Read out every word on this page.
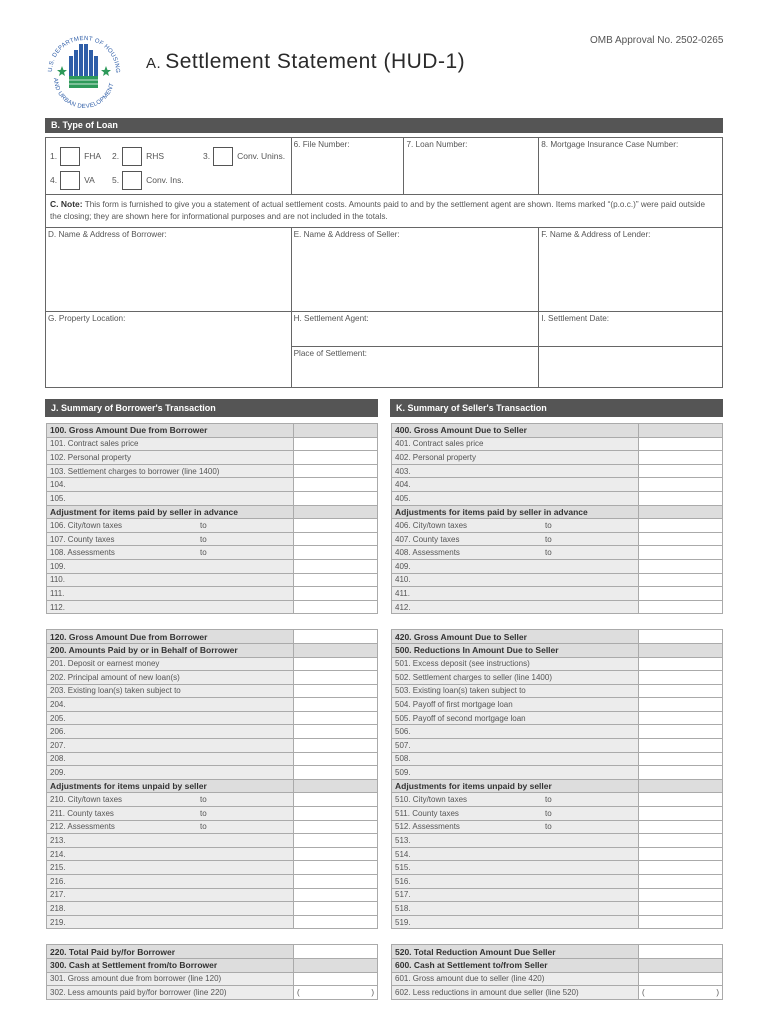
U.S. DEPARTMENT OF HOUSING
AND URBAN DEVELOPMENT
A. Settlement Statement (HUD-1)
OMB Approval No. 2502-0265
B. Type of Loan
1. FHA 2. RHS 3. Conv. Unins.
4. VA 5. Conv. Ins.	6. File Number:	7. Loan Number:	8. Mortgage Insurance Case Number:
C. Note: This form is furnished to give you a statement of actual settlement costs. Amounts paid to and by the settlement agent are shown. Items marked “(p.o.c.)” were paid outside the closing; they are shown here for informational purposes and are not included in the totals.			
D. Name & Address of Borrower:	E. Name & Address of Seller:		F. Name & Address of Lender:
G. Property Location:	H. Settlement Agent:		I. Settlement Date:
	Place of Settlement:		
J. Summary of Borrower's Transaction	K. Summary of Seller's Transaction
100. Gross Amount Due from Borrower	
101. Contract sales price	
102. Personal property	
103. Settlement charges to borrower (line 1400)	
104.	
105.	
Adjustment for items paid by seller in advance	
106. City/town taxes to	
107. County taxes to	
108. Assessments to	
109.	
110.	
111.	
112.	

120. Gross Amount Due from Borrower	
200. Amounts Paid by or in Behalf of Borrower	
201. Deposit or earnest money	
202. Principal amount of new loan(s)	
203. Existing loan(s) taken subject to	
204.	
205.	
206.	
207.	
208.	
209.	
Adjustments for items unpaid by seller	
210. City/town taxes to	
211. County taxes to	
212. Assessments to	
213.	
214.	
215.	
216.	
217.	
218.	
219.	

220. Total Paid by/for Borrower	
300. Cash at Settlement from/to Borrower	
301. Gross amount due from borrower (line 120)	
302. Less amounts paid by/for borrower (line 220)	( )
400. Gross Amount Due to Seller	
401. Contract sales price	
402. Personal property	
403.	
404.	
405.	
Adjustments for items paid by seller in advance	
406. City/town taxes to	
407. County taxes to	
408. Assessments to	
409.	
410.	
411.	
412.	

420. Gross Amount Due to Seller	
500. Reductions In Amount Due to Seller	
501. Excess deposit (see instructions)	
502. Settlement charges to seller (line 1400)	
503. Existing loan(s) taken subject to	
504. Payoff of first mortgage loan	
505. Payoff of second mortgage loan	
506.	
507.	
508.	
509.	
Adjustments for items unpaid by seller	
510. City/town taxes to	
511. County taxes to	
512. Assessments to	
513.	
514.	
515.	
516.	
517.	
518.	
519.	

520. Total Reduction Amount Due Seller	
600. Cash at Settlement to/from Seller	
601. Gross amount due to seller (line 420)	
602. Less reductions in amount due seller (line 520)	( )
